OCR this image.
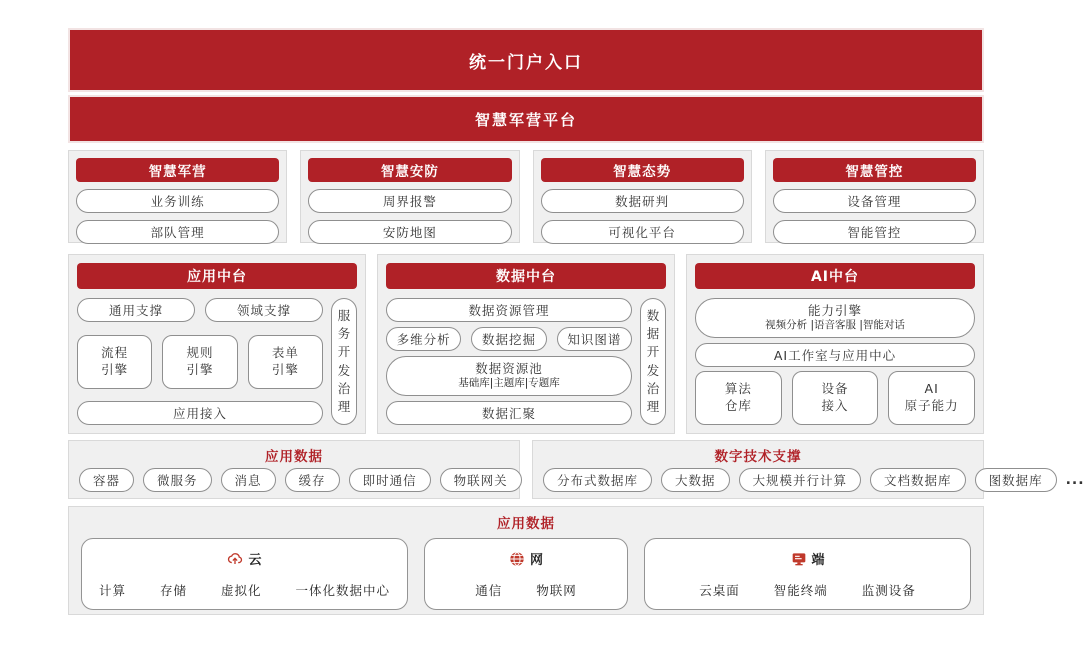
统一门户入口
智慧军营平台
智慧军营
业务训练
部队管理
智慧安防
周界报警
安防地图
智慧态势
数据研判
可视化平台
智慧管控
设备管理
智能管控
应用中台
通用支撑	领域支撑
流程
引擎
规则
引擎
表单
引擎
应用接入
服务开发治理
数据中台
数据资源管理
多维分析	数据挖掘	知识图谱
数据资源池
基础库|主题库|专题库
数据汇聚
数据开发治理
AI中台
能力引擎
视频分析 |语音客服 |智能对话
AI工作室与应用中心
算法
仓库
设备
接入
AI
原子能力
应用数据
容器	微服务	消息	缓存	即时通信	物联网关
数字技术支撑
分布式数据库	大数据	大规模并行计算	文档数据库	图数据库	...
应用数据
云
计算	存储	虚拟化	一体化数据中心
网
通信	物联网
端
云桌面	智能终端	监测设备
